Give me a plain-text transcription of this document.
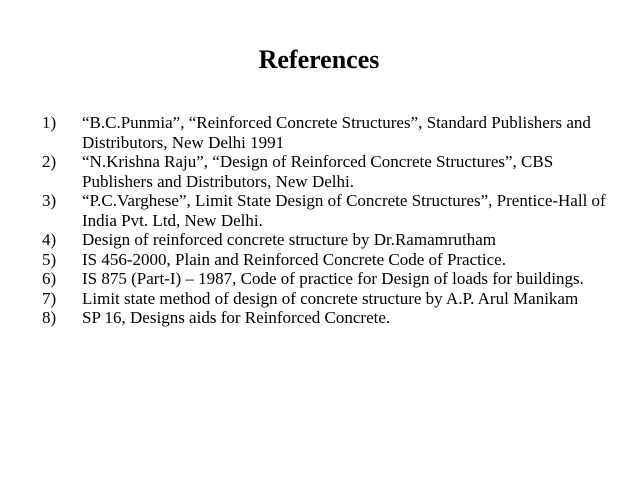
References
1)	“B.C.Punmia”, “Reinforced Concrete Structures”, Standard Publishers and Distributors, New Delhi 1991
2)	“N.Krishna Raju”, “Design of Reinforced Concrete Structures”, CBS Publishers and Distributors, New Delhi.
3)	“P.C.Varghese”, Limit State Design of Concrete Structures”, Prentice-Hall of India Pvt. Ltd, New Delhi.
4)	Design of reinforced concrete structure by Dr.Ramamrutham
5)	IS 456-2000, Plain and Reinforced Concrete Code of Practice.
6)	IS 875 (Part-I) – 1987, Code of practice for Design of loads for buildings.
7)	Limit state method of design of concrete structure by A.P. Arul Manikam
8)	SP 16, Designs aids for Reinforced Concrete.
